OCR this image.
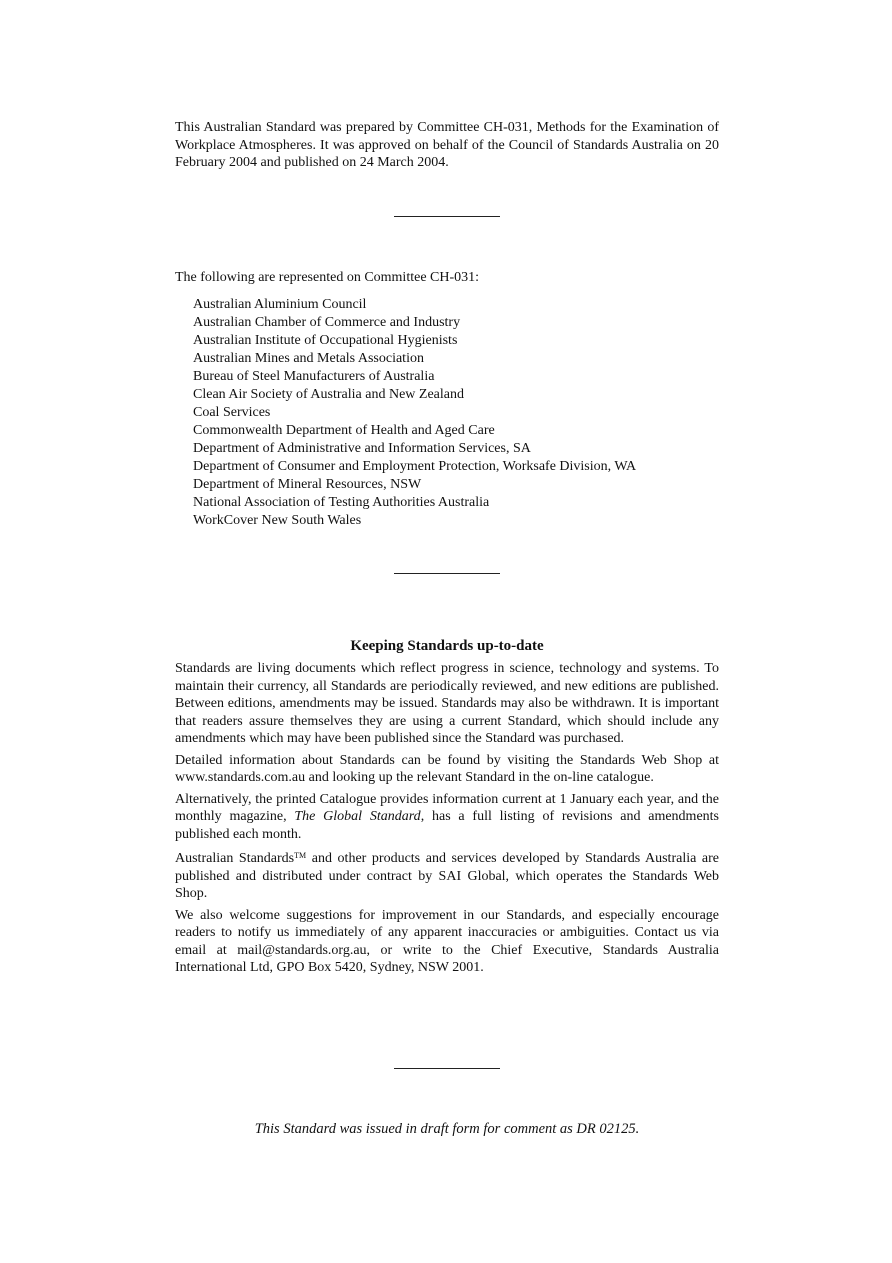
This Australian Standard was prepared by Committee CH-031, Methods for the Examination of Workplace Atmospheres. It was approved on behalf of the Council of Standards Australia on 20 February 2004 and published on 24 March 2004.
The following are represented on Committee CH-031:
Australian Aluminium Council
Australian Chamber of Commerce and Industry
Australian Institute of Occupational Hygienists
Australian Mines and Metals Association
Bureau of Steel Manufacturers of Australia
Clean Air Society of Australia and New Zealand
Coal Services
Commonwealth Department of Health and Aged Care
Department of Administrative and Information Services, SA
Department of Consumer and Employment Protection, Worksafe Division, WA
Department of Mineral Resources, NSW
National Association of Testing Authorities Australia
WorkCover New South Wales
Keeping Standards up-to-date

Standards are living documents which reflect progress in science, technology and systems. To maintain their currency, all Standards are periodically reviewed, and new editions are published. Between editions, amendments may be issued. Standards may also be withdrawn. It is important that readers assure themselves they are using a current Standard, which should include any amendments which may have been published since the Standard was purchased.

Detailed information about Standards can be found by visiting the Standards Web Shop at www.standards.com.au and looking up the relevant Standard in the on-line catalogue.

Alternatively, the printed Catalogue provides information current at 1 January each year, and the monthly magazine, The Global Standard, has a full listing of revisions and amendments published each month.

Australian Standards™ and other products and services developed by Standards Australia are published and distributed under contract by SAI Global, which operates the Standards Web Shop.

We also welcome suggestions for improvement in our Standards, and especially encourage readers to notify us immediately of any apparent inaccuracies or ambiguities. Contact us via email at mail@standards.org.au, or write to the Chief Executive, Standards Australia International Ltd, GPO Box 5420, Sydney, NSW 2001.

This Standard was issued in draft form for comment as DR 02125.
